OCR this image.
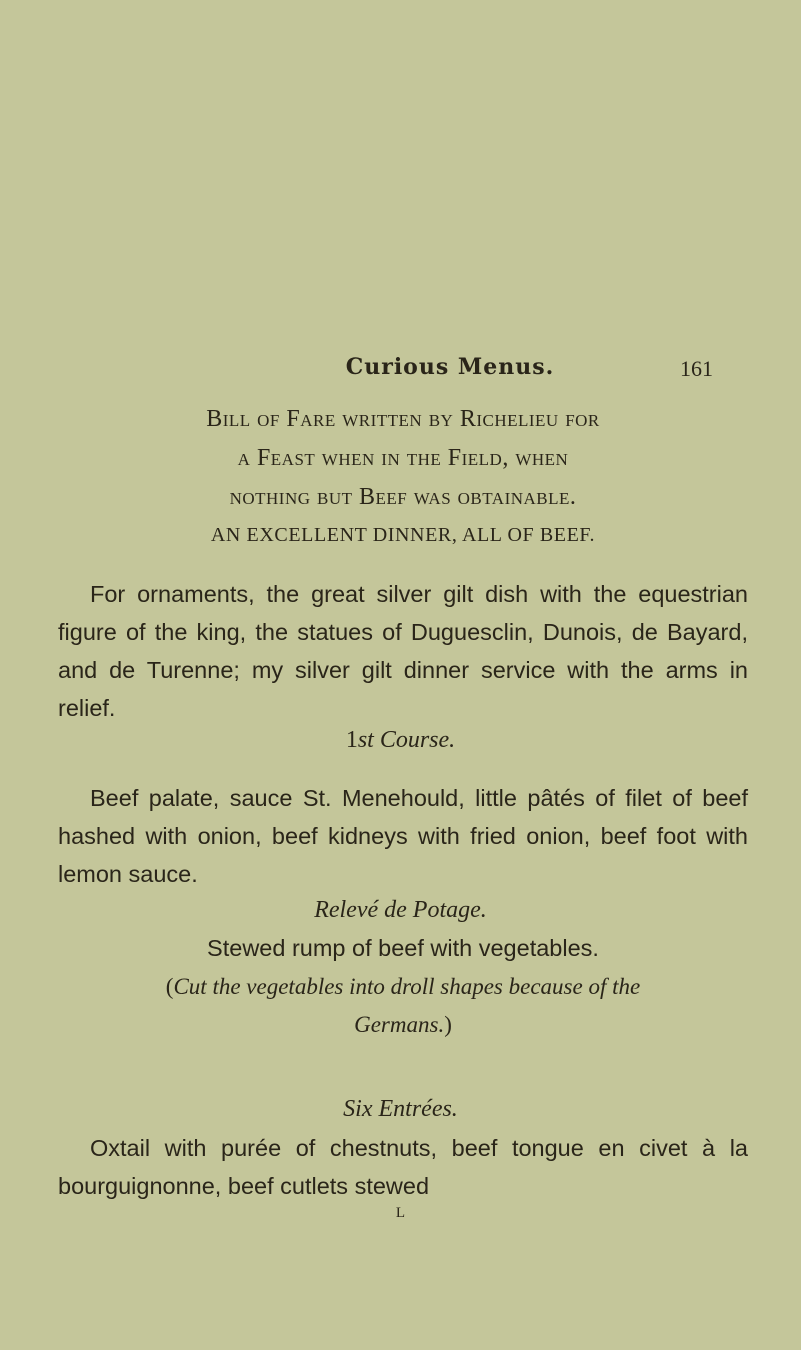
Curious Menus.	161
Bill of Fare written by Richelieu for
a Feast when in the Field, when
nothing but Beef was obtainable.
AN EXCELLENT DINNER, ALL OF BEEF.

For ornaments, the great silver gilt dish with the equestrian figure of the king, the statues of Duguesclin, Dunois, de Bayard, and de Turenne; my silver gilt dinner service with the arms in relief.

1st Course.

Beef palate, sauce St. Menehould, little pâtés of filet of beef hashed with onion, beef kidneys with fried onion, beef foot with lemon sauce.

Relevé de Potage.
Stewed rump of beef with vegetables.
(Cut the vegetables into droll shapes because of the
Germans.)
Six Entrées.

Oxtail with purée of chestnuts, beef tongue en civet à la bourguignonne, beef cutlets stewed

L
